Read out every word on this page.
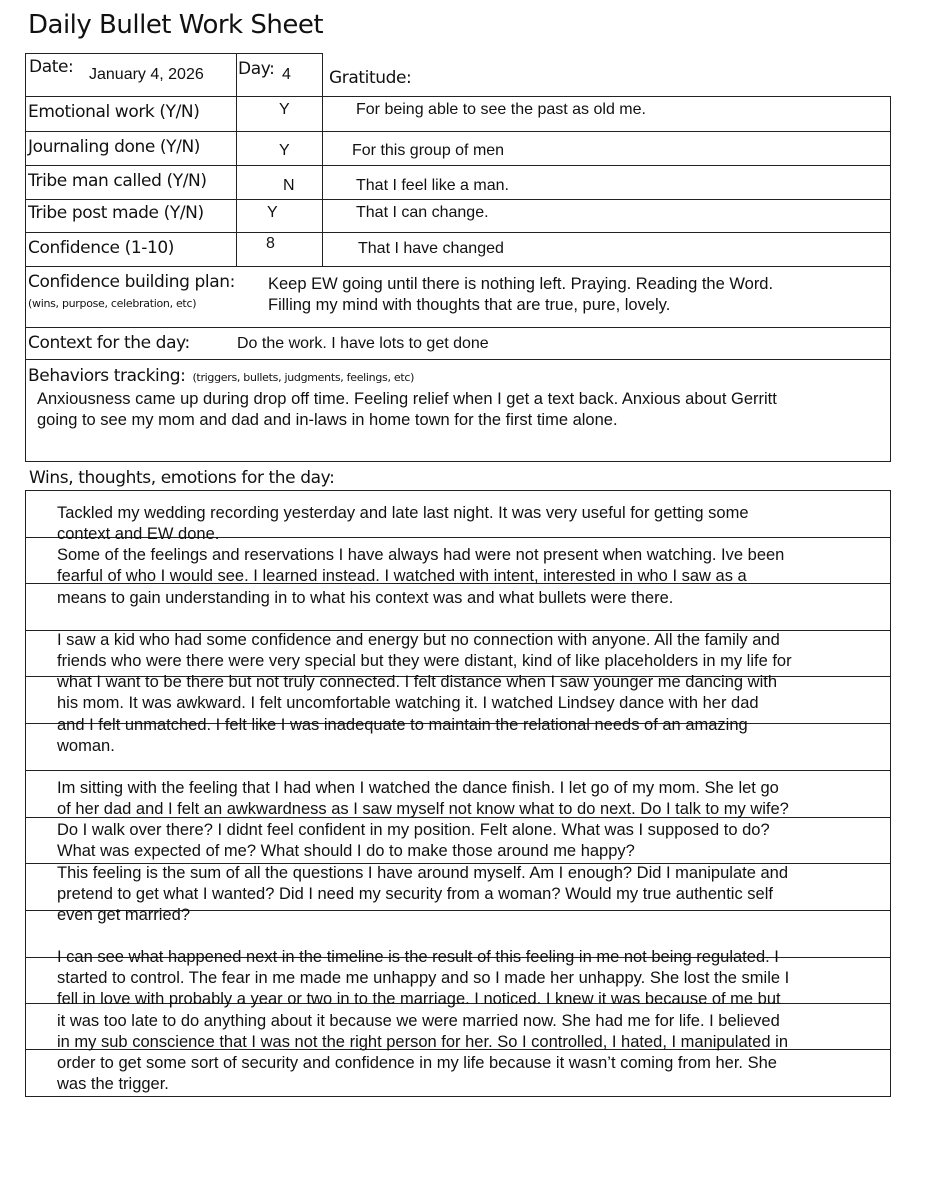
Daily Bullet Work Sheet
Date: January 4, 2026 Day: 4 Gratitude:
Emotional work (Y/N)	Y	For being able to see the past as old me.
Journaling done (Y/N)	Y	For this group of men
Tribe man called (Y/N)	N	That I feel like a man.
Tribe post made (Y/N)	Y	That I can change.
Confidence (1-10)	8	That I have changed
Confidence building plan:
(wins, purpose, celebration, etc)
Keep EW going until there is nothing left. Praying. Reading the Word.
Filling my mind with thoughts that are true, pure, lovely.
Context for the day:	Do the work. I have lots to get done
Behaviors tracking: (triggers, bullets, judgments, feelings, etc)
Anxiousness came up during drop off time. Feeling relief when I get a text back. Anxious about Gerritt
going to see my mom and dad and in-laws in home town for the first time alone.
Wins, thoughts, emotions for the day:
Tackled my wedding recording yesterday and late last night. It was very useful for getting some
context and EW done.
Some of the feelings and reservations I have always had were not present when watching. Ive been
fearful of who I would see. I learned instead. I watched with intent, interested in who I saw as a
means to gain understanding in to what his context was and what bullets were there.
I saw a kid who had some confidence and energy but no connection with anyone. All the family and
friends who were there were very special but they were distant, kind of like placeholders in my life for
what I want to be there but not truly connected. I felt distance when I saw younger me dancing with
his mom. It was awkward. I felt uncomfortable watching it. I watched Lindsey dance with her dad
and I felt unmatched. I felt like I was inadequate to maintain the relational needs of an amazing
woman.
Im sitting with the feeling that I had when I watched the dance finish. I let go of my mom. She let go
of her dad and I felt an awkwardness as I saw myself not know what to do next. Do I talk to my wife?
Do I walk over there? I didnt feel confident in my position. Felt alone. What was I supposed to do?
What was expected of me? What should I do to make those around me happy?
This feeling is the sum of all the questions I have around myself. Am I enough? Did I manipulate and
pretend to get what I wanted? Did I need my security from a woman? Would my true authentic self
even get married?
I can see what happened next in the timeline is the result of this feeling in me not being regulated. I
started to control. The fear in me made me unhappy and so I made her unhappy. She lost the smile I
fell in love with probably a year or two in to the marriage. I noticed. I knew it was because of me but
it was too late to do anything about it because we were married now. She had me for life. I believed
in my sub conscience that I was not the right person for her. So I controlled, I hated, I manipulated in
order to get some sort of security and confidence in my life because it wasn’t coming from her. She
was the trigger.
